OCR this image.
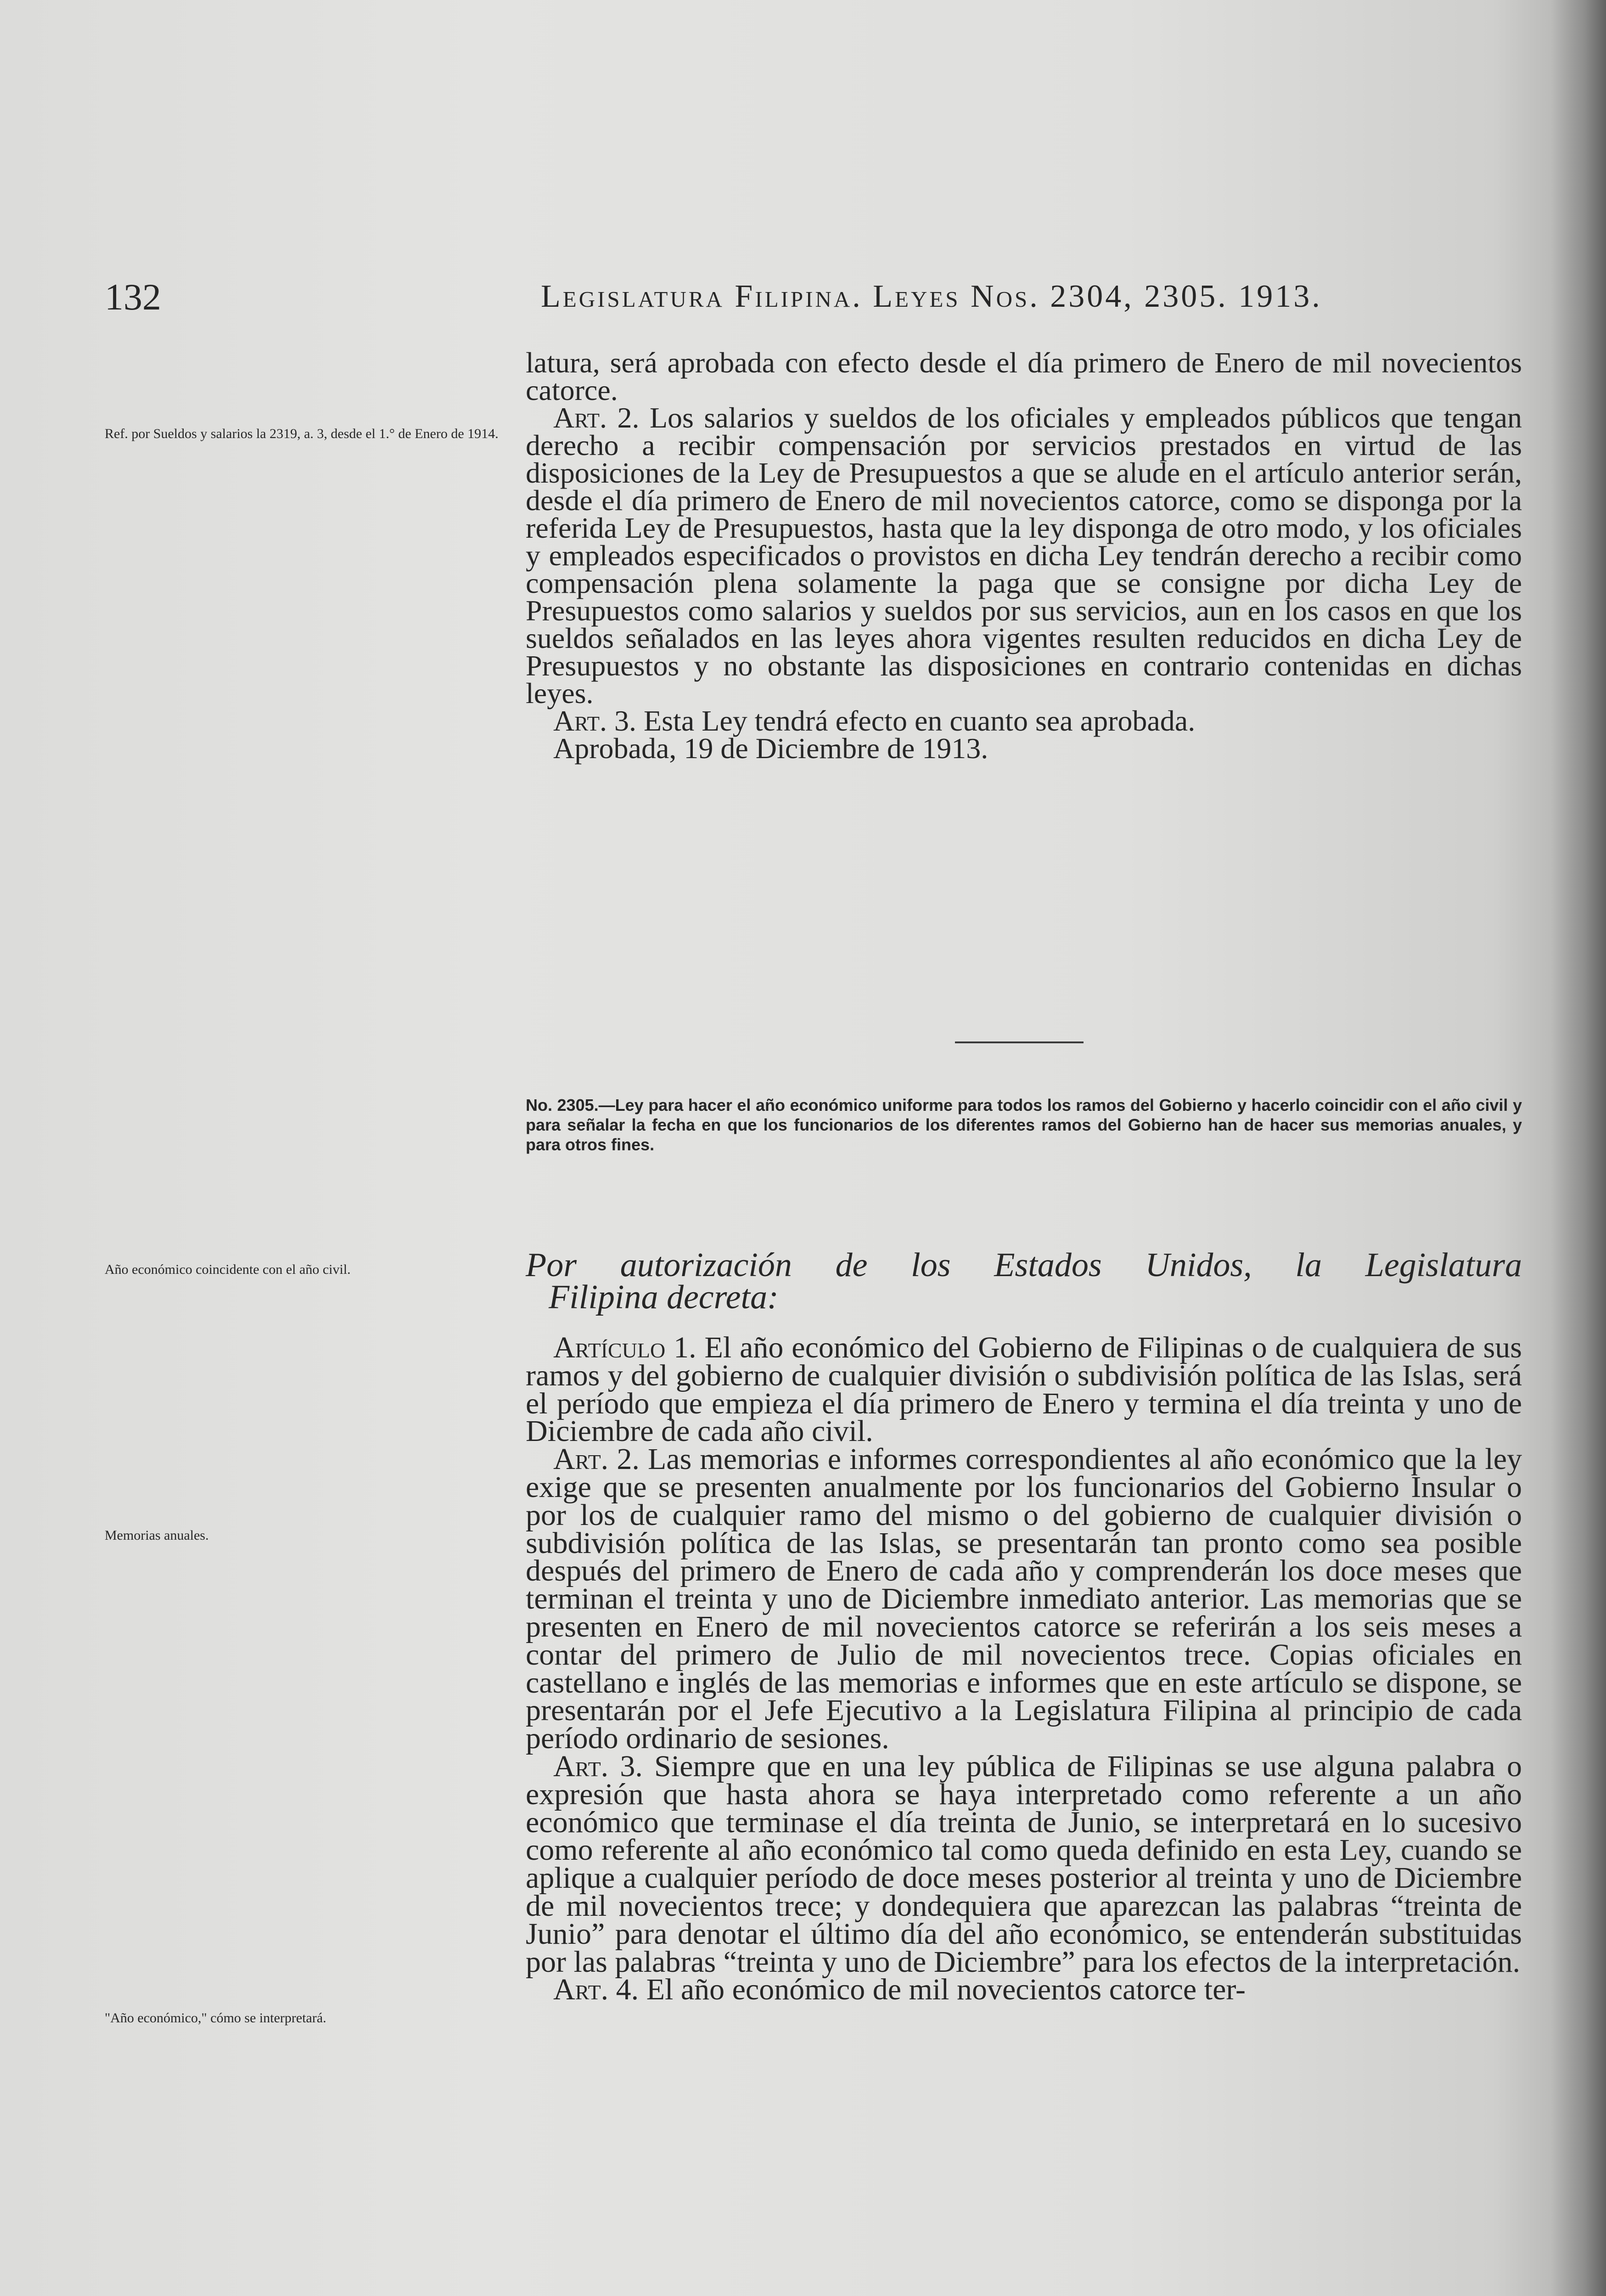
132	Legislatura Filipina. Leyes Nos. 2304, 2305. 1913.

latura, será aprobada con efecto desde el día primero de Enero de mil novecientos catorce.

Art. 2. Los salarios y sueldos de los oficiales y empleados públicos que tengan derecho a recibir compensación por servicios prestados en virtud de las disposiciones de la Ley de Presupuestos a que se alude en el artículo anterior serán, desde el día primero de Enero de mil novecientos catorce, como se disponga por la referida Ley de Presupuestos, hasta que la ley disponga de otro modo, y los oficiales y empleados especificados o provistos en dicha Ley tendrán derecho a recibir como compensación plena solamente la paga que se consigne por dicha Ley de Presupuestos como salarios y sueldos por sus servicios, aun en los casos en que los sueldos señalados en las leyes ahora vigentes resulten reducidos en dicha Ley de Presupuestos y no obstante las disposiciones en contrario contenidas en dichas leyes.

Art. 3. Esta Ley tendrá efecto en cuanto sea aprobada.

Aprobada, 19 de Diciembre de 1913.

Ref. por Sueldos y salarios la 2319, a. 3, desde el 1.° de Enero de 1914.
No. 2305.—Ley para hacer el año económico uniforme para todos los ramos del Gobierno y hacerlo coincidir con el año civil y para señalar la fecha en que los funcionarios de los diferentes ramos del Gobierno han de hacer sus memorias anuales, y para otros fines.
Año económico coincidente con el año civil.	Por autorización de los Estados Unidos, la Legislatura
Filipina decreta:
Memorias anuales.
"Año económico," cómo se interpretará.

Artículo 1. El año económico del Gobierno de Filipinas o de cualquiera de sus ramos y del gobierno de cualquier división o subdivisión política de las Islas, será el período que empieza el día primero de Enero y termina el día treinta y uno de Diciembre de cada año civil.

Art. 2. Las memorias e informes correspondientes al año económico que la ley exige que se presenten anualmente por los funcionarios del Gobierno Insular o por los de cualquier ramo del mismo o del gobierno de cualquier división o subdivisión política de las Islas, se presentarán tan pronto como sea posible después del primero de Enero de cada año y comprenderán los doce meses que terminan el treinta y uno de Diciembre inmediato anterior. Las memorias que se presenten en Enero de mil novecientos catorce se referirán a los seis meses a contar del primero de Julio de mil novecientos trece. Copias oficiales en castellano e inglés de las memorias e informes que en este artículo se dispone, se presentarán por el Jefe Ejecutivo a la Legislatura Filipina al principio de cada período ordinario de sesiones.

Art. 3. Siempre que en una ley pública de Filipinas se use alguna palabra o expresión que hasta ahora se haya interpretado como referente a un año económico que terminase el día treinta de Junio, se interpretará en lo sucesivo como referente al año económico tal como queda definido en esta Ley, cuando se aplique a cualquier período de doce meses posterior al treinta y uno de Diciembre de mil novecientos trece; y dondequiera que aparezcan las palabras “treinta de Junio” para denotar el último día del año económico, se entenderán substituidas por las palabras “treinta y uno de Diciembre” para los efectos de la interpretación.

Art. 4. El año económico de mil novecientos catorce ter-
